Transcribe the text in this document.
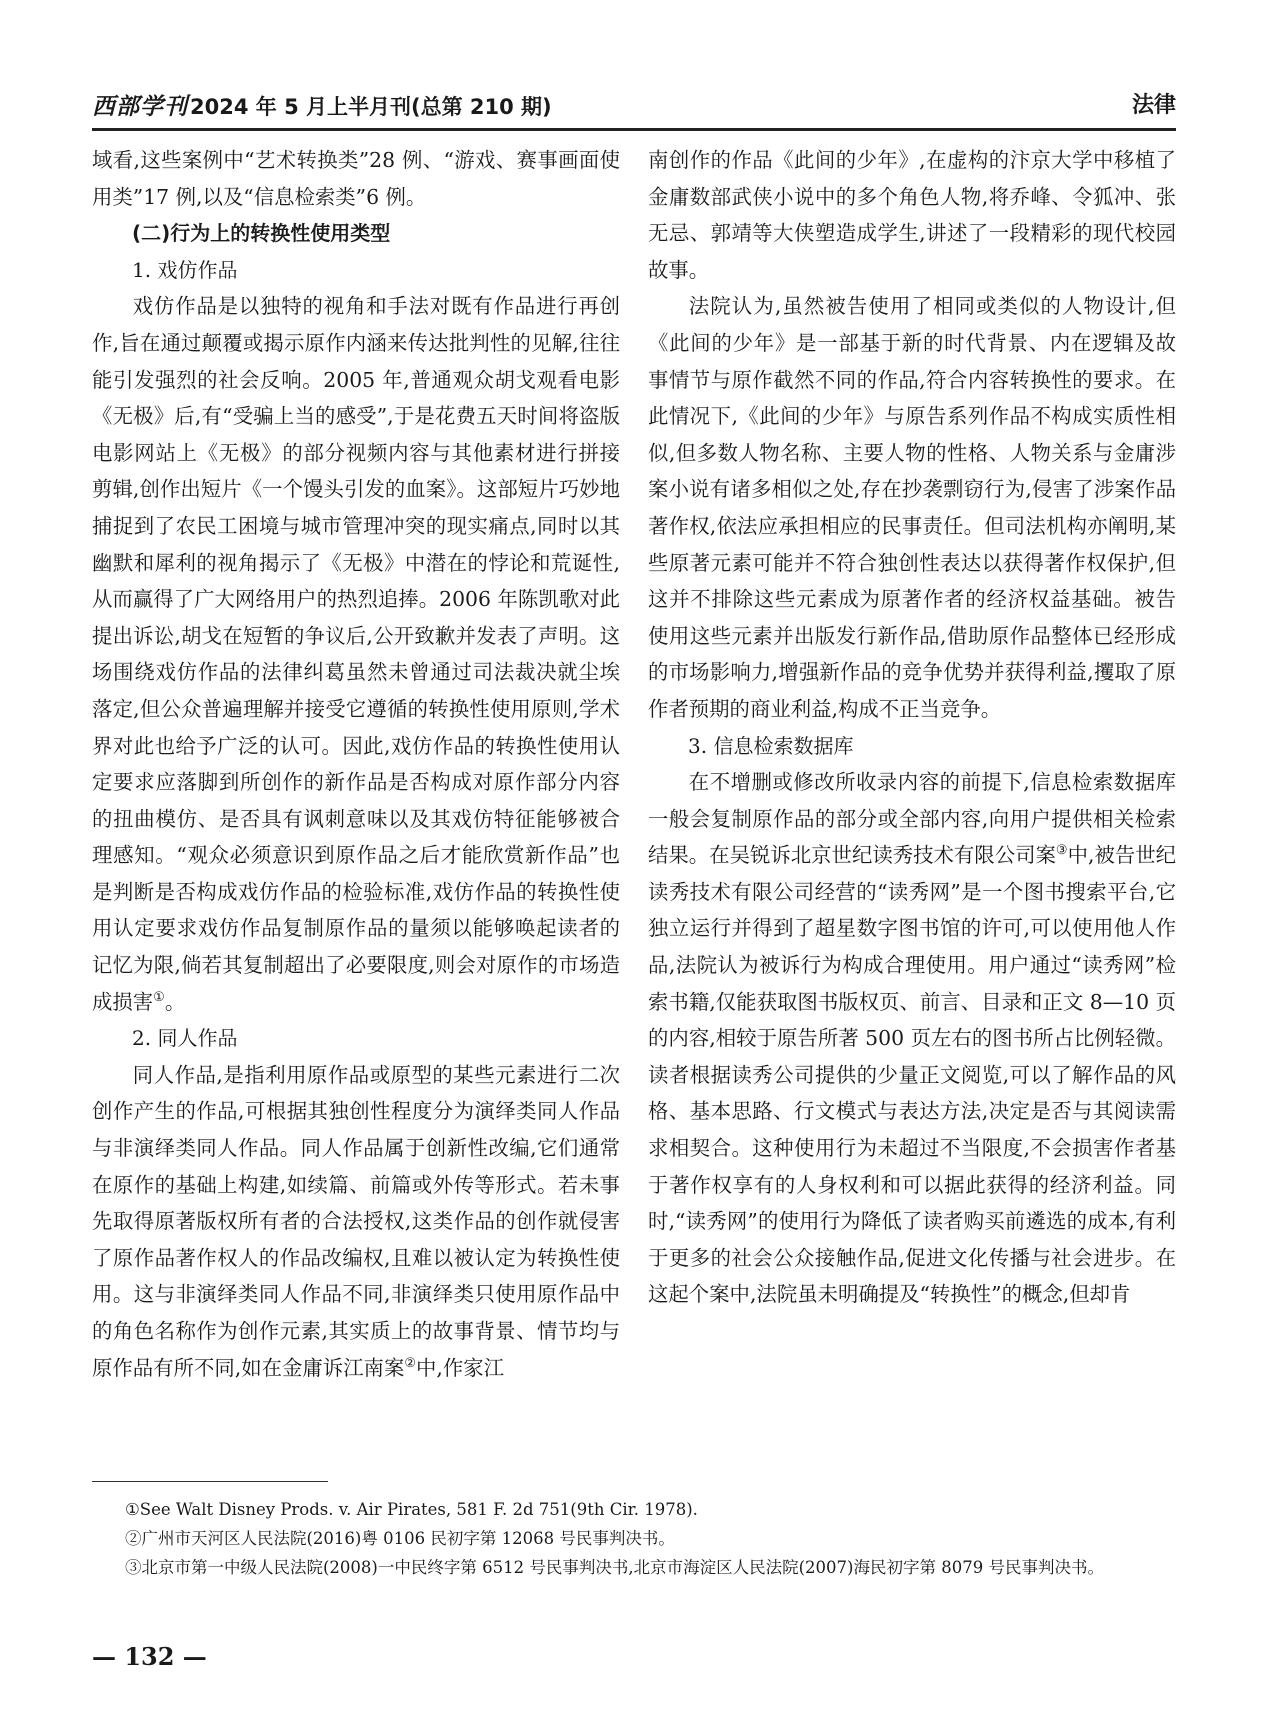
西部学刊2024 年 5 月上半月刊(总第 210 期)	法律

域看,这些案例中“艺术转换类”28 例、“游戏、赛事画面使用类”17 例,以及“信息检索类”6 例。

(二)行为上的转换性使用类型
1. 戏仿作品

戏仿作品是以独特的视角和手法对既有作品进行再创作,旨在通过颠覆或揭示原作内涵来传达批判性的见解,往往能引发强烈的社会反响。2005 年,普通观众胡戈观看电影《无极》后,有“受骗上当的感受”,于是花费五天时间将盗版电影网站上《无极》的部分视频内容与其他素材进行拼接剪辑,创作出短片《一个馒头引发的血案》。这部短片巧妙地捕捉到了农民工困境与城市管理冲突的现实痛点,同时以其幽默和犀利的视角揭示了《无极》中潜在的悖论和荒诞性,从而赢得了广大网络用户的热烈追捧。2006 年陈凯歌对此提出诉讼,胡戈在短暂的争议后,公开致歉并发表了声明。这场围绕戏仿作品的法律纠葛虽然未曾通过司法裁决就尘埃落定,但公众普遍理解并接受它遵循的转换性使用原则,学术界对此也给予广泛的认可。因此,戏仿作品的转换性使用认定要求应落脚到所创作的新作品是否构成对原作部分内容的扭曲模仿、是否具有讽刺意味以及其戏仿特征能够被合理感知。“观众必须意识到原作品之后才能欣赏新作品”也是判断是否构成戏仿作品的检验标准,戏仿作品的转换性使用认定要求戏仿作品复制原作品的量须以能够唤起读者的记忆为限,倘若其复制超出了必要限度,则会对原作的市场造成损害①。

2. 同人作品

同人作品,是指利用原作品或原型的某些元素进行二次创作产生的作品,可根据其独创性程度分为演绎类同人作品与非演绎类同人作品。同人作品属于创新性改编,它们通常在原作的基础上构建,如续篇、前篇或外传等形式。若未事先取得原著版权所有者的合法授权,这类作品的创作就侵害了原作品著作权人的作品改编权,且难以被认定为转换性使用。这与非演绎类同人作品不同,非演绎类只使用原作品中的角色名称作为创作元素,其实质上的故事背景、情节均与原作品有所不同,如在金庸诉江南案②中,作家江

南创作的作品《此间的少年》,在虚构的汴京大学中移植了金庸数部武侠小说中的多个角色人物,将乔峰、令狐冲、张无忌、郭靖等大侠塑造成学生,讲述了一段精彩的现代校园故事。

法院认为,虽然被告使用了相同或类似的人物设计,但《此间的少年》是一部基于新的时代背景、内在逻辑及故事情节与原作截然不同的作品,符合内容转换性的要求。在此情况下,《此间的少年》与原告系列作品不构成实质性相似,但多数人物名称、主要人物的性格、人物关系与金庸涉案小说有诸多相似之处,存在抄袭剽窃行为,侵害了涉案作品著作权,依法应承担相应的民事责任。但司法机构亦阐明,某些原著元素可能并不符合独创性表达以获得著作权保护,但这并不排除这些元素成为原著作者的经济权益基础。被告使用这些元素并出版发行新作品,借助原作品整体已经形成的市场影响力,增强新作品的竞争优势并获得利益,攫取了原作者预期的商业利益,构成不正当竞争。

3. 信息检索数据库

在不增删或修改所收录内容的前提下,信息检索数据库一般会复制原作品的部分或全部内容,向用户提供相关检索结果。在吴锐诉北京世纪读秀技术有限公司案③中,被告世纪读秀技术有限公司经营的“读秀网”是一个图书搜索平台,它独立运行并得到了超星数字图书馆的许可,可以使用他人作品,法院认为被诉行为构成合理使用。用户通过“读秀网”检索书籍,仅能获取图书版权页、前言、目录和正文 8—10 页的内容,相较于原告所著 500 页左右的图书所占比例轻微。读者根据读秀公司提供的少量正文阅览,可以了解作品的风格、基本思路、行文模式与表达方法,决定是否与其阅读需求相契合。这种使用行为未超过不当限度,不会损害作者基于著作权享有的人身权利和可以据此获得的经济利益。同时,“读秀网”的使用行为降低了读者购买前遴选的成本,有利于更多的社会公众接触作品,促进文化传播与社会进步。在这起个案中,法院虽未明确提及“转换性”的概念,但却肯

①See Walt Disney Prods. v. Air Pirates, 581 F. 2d 751(9th Cir. 1978).
②广州市天河区人民法院(2016)粤 0106 民初字第 12068 号民事判决书。
③北京市第一中级人民法院(2008)一中民终字第 6512 号民事判决书,北京市海淀区人民法院(2007)海民初字第 8079 号民事判决书。
— 132 —
